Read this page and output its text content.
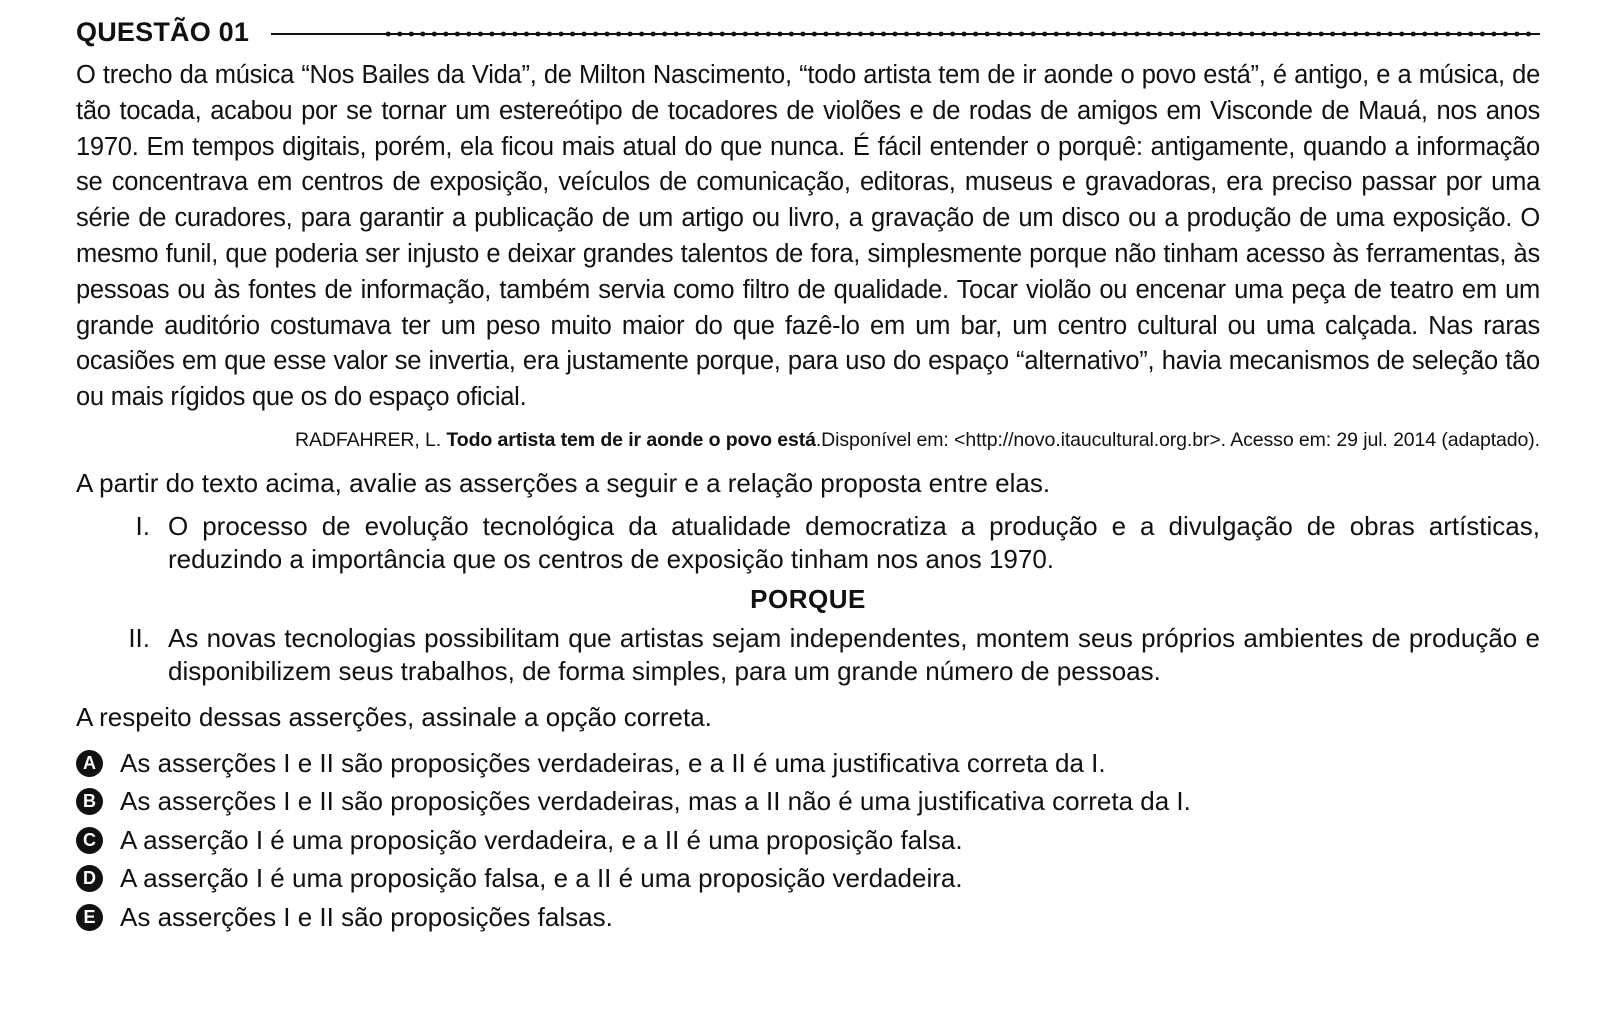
QUESTÃO 01

O trecho da música “Nos Bailes da Vida”, de Milton Nascimento, “todo artista tem de ir aonde o povo está”, é antigo, e a música, de tão tocada, acabou por se tornar um estereótipo de tocadores de violões e de rodas de amigos em Visconde de Mauá, nos anos 1970. Em tempos digitais, porém, ela ficou mais atual do que nunca. É fácil entender o porquê: antigamente, quando a informação se concentrava em centros de exposição, veículos de comunicação, editoras, museus e gravadoras, era preciso passar por uma série de curadores, para garantir a publicação de um artigo ou livro, a gravação de um disco ou a produção de uma exposição. O mesmo funil, que poderia ser injusto e deixar grandes talentos de fora, simplesmente porque não tinham acesso às ferramentas, às pessoas ou às fontes de informação, também servia como filtro de qualidade. Tocar violão ou encenar uma peça de teatro em um grande auditório costumava ter um peso muito maior do que fazê-lo em um bar, um centro cultural ou uma calçada. Nas raras ocasiões em que esse valor se invertia, era justamente porque, para uso do espaço “alternativo”, havia mecanismos de seleção tão ou mais rígidos que os do espaço oficial.

RADFAHRER, L. Todo artista tem de ir aonde o povo está.Disponível em: <http://novo.itaucultural.org.br>. Acesso em: 29 jul. 2014 (adaptado).

A partir do texto acima, avalie as asserções a seguir e a relação proposta entre elas.

I. O processo de evolução tecnológica da atualidade democratiza a produção e a divulgação de obras artísticas, reduzindo a importância que os centros de exposição tinham nos anos 1970.
PORQUE
II. As novas tecnologias possibilitam que artistas sejam independentes, montem seus próprios ambientes de produção e disponibilizem seus trabalhos, de forma simples, para um grande número de pessoas.

A respeito dessas asserções, assinale a opção correta.

A As asserções I e II são proposições verdadeiras, e a II é uma justificativa correta da I.
B As asserções I e II são proposições verdadeiras, mas a II não é uma justificativa correta da I.
C A asserção I é uma proposição verdadeira, e a II é uma proposição falsa.
D A asserção I é uma proposição falsa, e a II é uma proposição verdadeira.
E As asserções I e II são proposições falsas.
